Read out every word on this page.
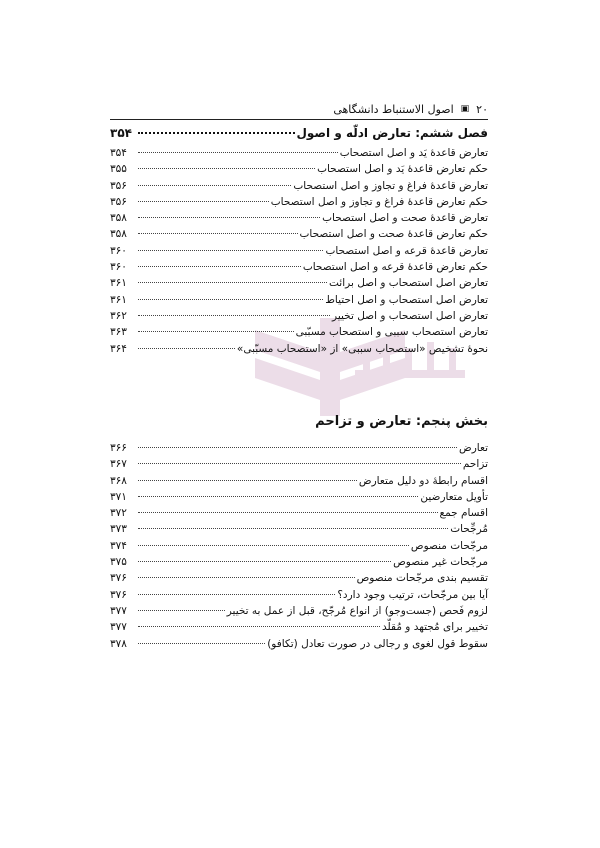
۲۰
▣
اصول الاستنباط دانشگاهی
فصل ششم: تعارض ادلّه و اصول
۳۵۴
تعارض قاعدۀ یَد و اصل استصحاب
۳۵۴
حکم تعارض قاعدۀ یَد و اصل استصحاب
۳۵۵
تعارض قاعدۀ فراغ و تجاوز و اصل استصحاب
۳۵۶
حکم تعارض قاعدۀ فراغ و تجاوز و اصل استصحاب
۳۵۶
تعارض قاعدۀ صحت و اصل استصحاب
۳۵۸
حکم تعارض قاعدۀ صحت و اصل استصحاب
۳۵۸
تعارض قاعدۀ قرعه و اصل استصحاب
۳۶۰
حکم تعارض قاعدۀ قرعه و اصل استصحاب
۳۶۰
تعارض اصل استصحاب و اصل برائت
۳۶۱
تعارض اصل استصحاب و اصل احتیاط
۳۶۱
تعارض اصل استصحاب و اصل تخییر
۳۶۲
تعارض استصحاب سببی و استصحاب مسبّبی
۳۶۳
نحوۀ تشخیص «استصحاب سببی» از «استصحاب مسبّبی»
۳۶۴
بخش پنجم: تعارض و تزاحم
تعارض
۳۶۶
تزاحم
۳۶۷
اقسام رابطۀ دو دلیل متعارض
۳۶۸
تأویل متعارضین
۳۷۱
اقسام جمع
۳۷۲
مُرجِّحات
۳۷۳
مرجّحات منصوص
۳۷۴
مرجّحات غیر منصوص
۳۷۵
تقسیم بندی مرجّحات منصوص
۳۷۶
آیا بین مرجّحات، ترتیب وجود دارد؟
۳۷۶
لزوم فَحص (جست‌وجو) از انواع مُرجّح، قبل از عمل به تخییر
۳۷۷
تخییر برای مُجتهد و مُقلّد
۳۷۷
سقوط قول لغوی و رجالی در صورت تعادل (تکافو)
۳۷۸
